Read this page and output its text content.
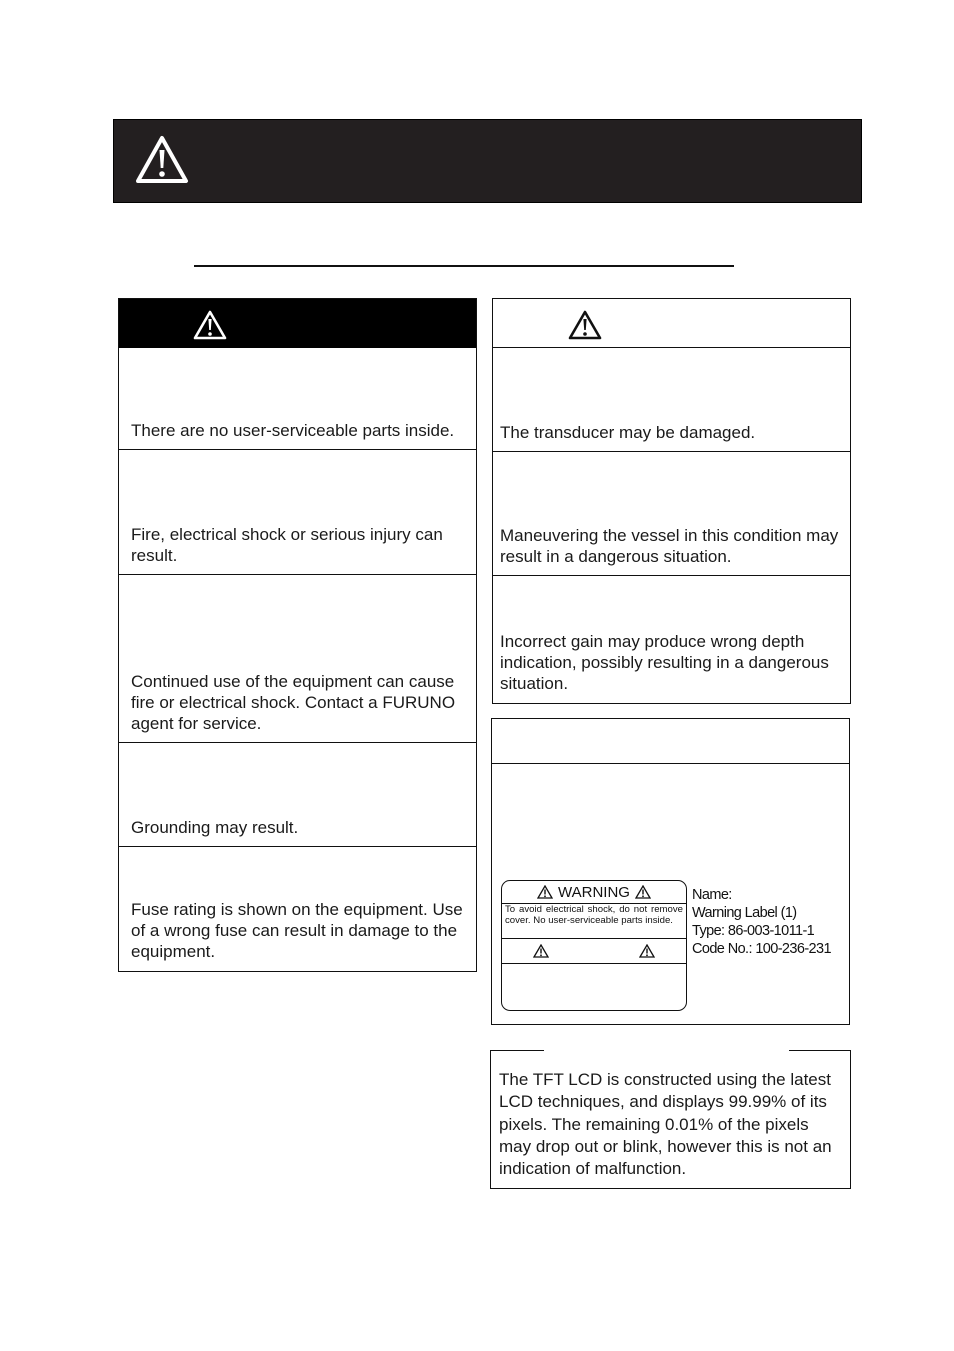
There are no user-serviceable parts inside.
Fire, electrical shock or serious injury can result.
Continued use of the equipment can cause fire or electrical shock. Contact a FURUNO agent for service.
Grounding may result.
Fuse rating is shown on the equipment. Use of a wrong fuse can result in damage to the equipment.
The transducer may be damaged.
Maneuvering the vessel in this condition may result in a dangerous situation.
Incorrect gain may produce wrong depth indication, possibly resulting in a dangerous situation.
WARNING
To avoid electrical shock, do not remove cover. No user-serviceable parts inside.
Name:
Warning Label (1)
Type: 86-003-1011-1
Code No.: 100-236-231
The TFT LCD is constructed using the latest LCD techniques, and displays 99.99% of its pixels. The remaining 0.01% of the pixels may drop out or blink, however this is not an indication of malfunction.
